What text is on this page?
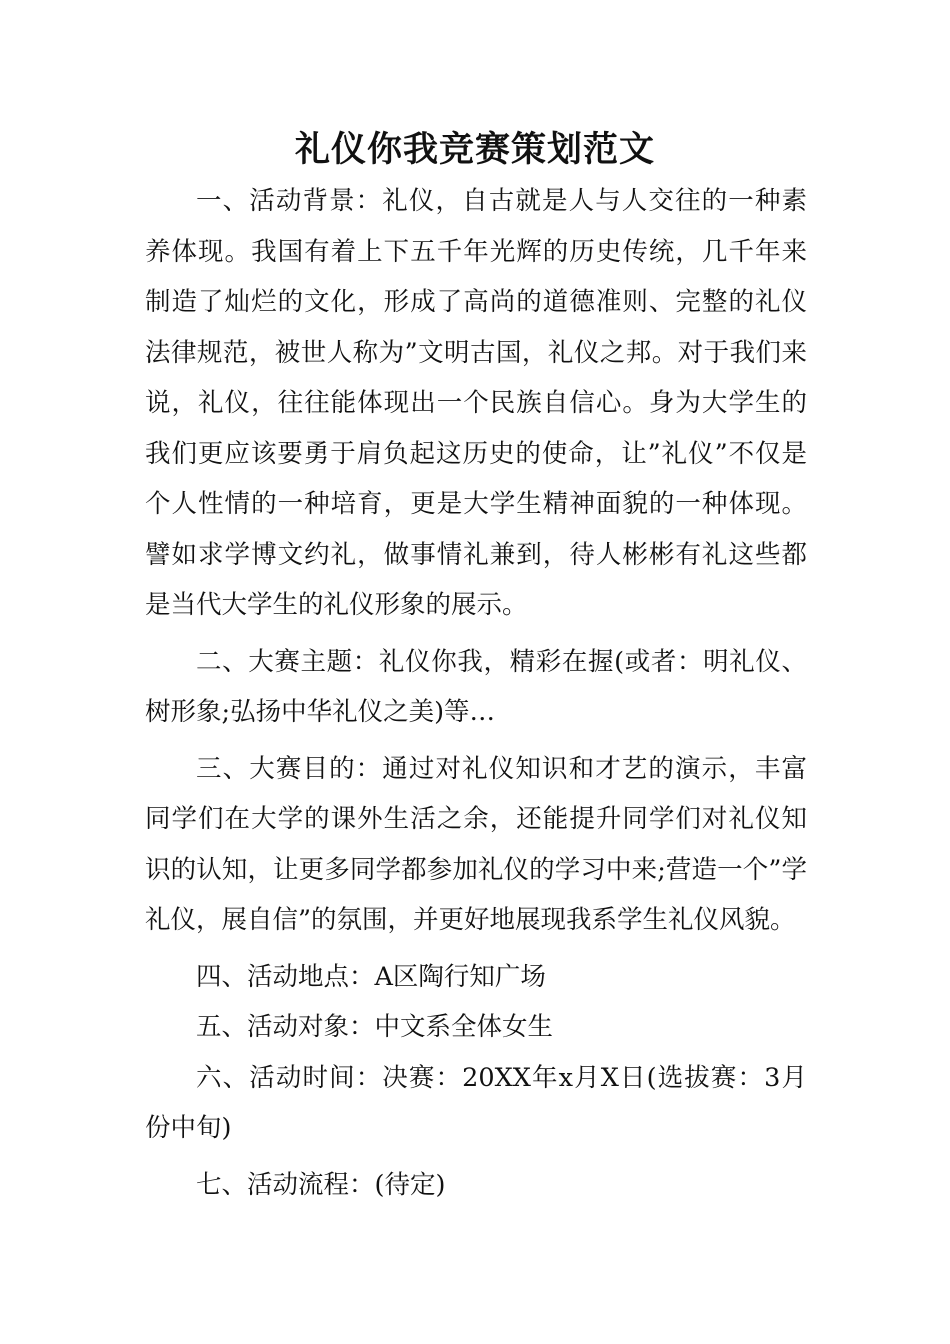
礼仪你我竞赛策划范文

一、活动背景：礼仪，自古就是人与人交往的一种素养体现。我国有着上下五千年光辉的历史传统，几千年来制造了灿烂的文化，形成了高尚的道德准则、完整的礼仪法律规范，被世人称为”文明古国，礼仪之邦。对于我们来说，礼仪，往往能体现出一个民族自信心。身为大学生的我们更应该要勇于肩负起这历史的使命，让”礼仪”不仅是个人性情的一种培育，更是大学生精神面貌的一种体现。譬如求学博文约礼，做事情礼兼到，待人彬彬有礼这些都是当代大学生的礼仪形象的展示。

二、大赛主题：礼仪你我，精彩在握(或者：明礼仪、树形象;弘扬中华礼仪之美)等…

三、大赛目的：通过对礼仪知识和才艺的演示，丰富同学们在大学的课外生活之余，还能提升同学们对礼仪知识的认知，让更多同学都参加礼仪的学习中来;营造一个”学礼仪，展自信”的氛围，并更好地展现我系学生礼仪风貌。

四、活动地点：A区陶行知广场

五、活动对象：中文系全体女生

六、活动时间：决赛：20XX年x月X日(选拔赛：3月份中旬)

七、活动流程：(待定)
